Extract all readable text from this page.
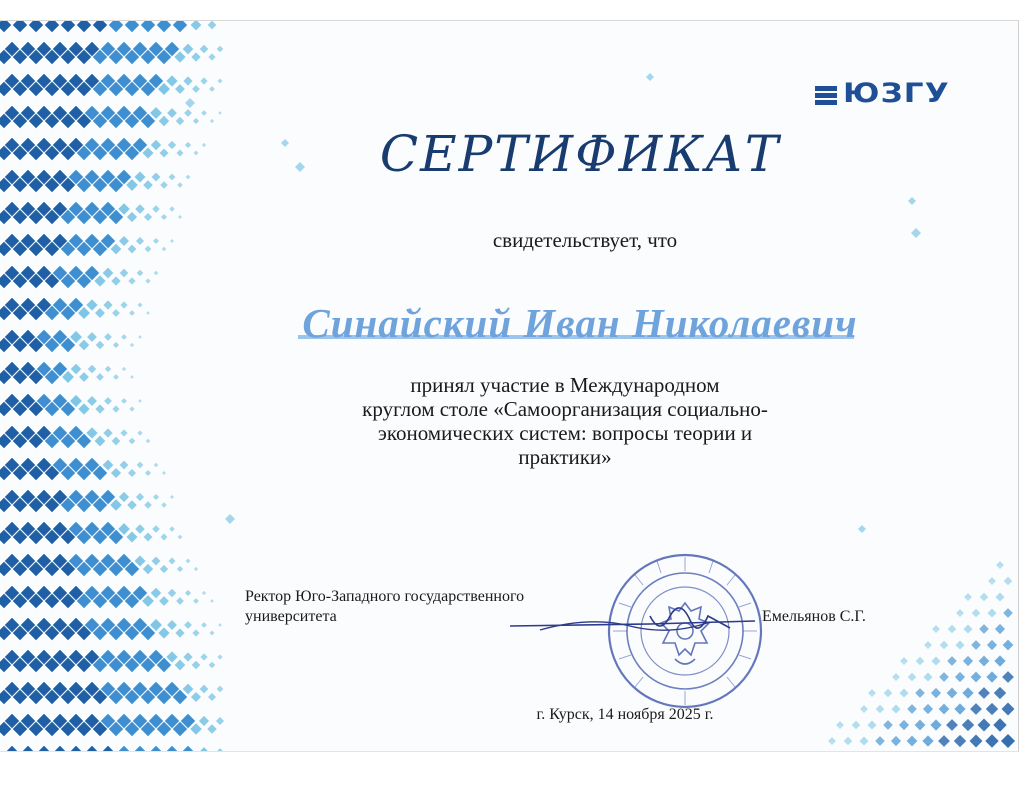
ЮЗГУ
СЕРТИФИКАТ
свидетельствует, что
Синайский Иван Николаевич
принял участие в Международном
круглом столе «Самоорганизация социально-
экономических систем: вопросы теории и
практики»
Ректор Юго-Западного государственного
университета	Емельянов С.Г.
г. Курск, 14 ноября 2025 г.
